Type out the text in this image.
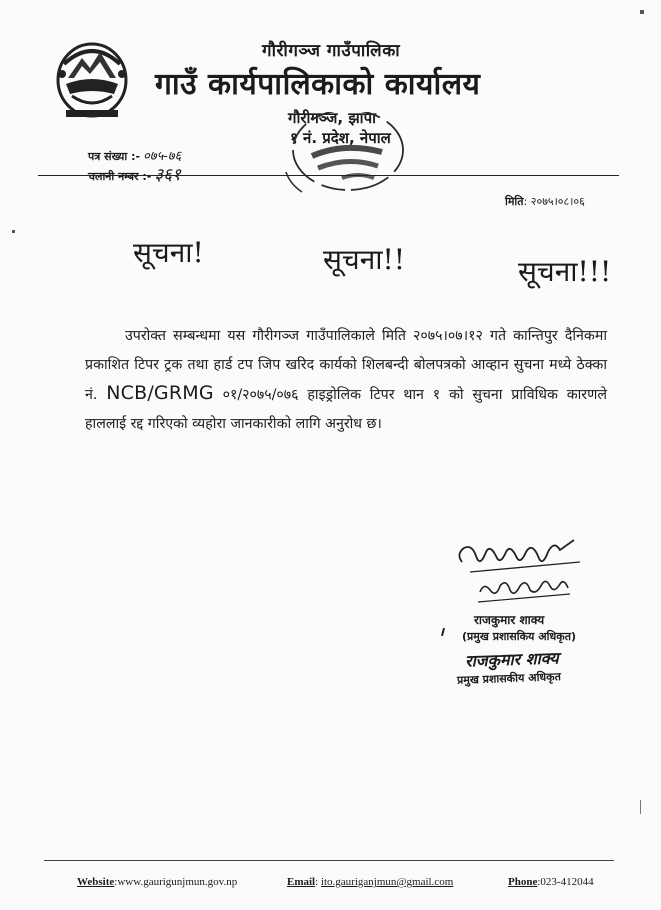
गौरीगञ्ज गाउँपालिका
गाउँ कार्यपालिकाको कार्यालय
गौरीगञ्ज, झापा
१ नं. प्रदेश, नेपाल
पत्र संख्या :- ०७५-७६
चलानी नम्बर :- ३६१
मिति: २०७५।०८।०६
सूचना!	सूचना!!	सूचना!!!
उपरोक्त सम्बन्धमा यस गौरीगञ्ज गाउँपालिकाले मिति २०७५।०७।१२ गते कान्तिपुर दैनिकमा प्रकाशित टिपर ट्रक तथा हार्ड टप जिप खरिद कार्यको शिलबन्दी बोलपत्रको आव्हान सुचना मध्ये ठेक्का नं. NCB/GRMG ०१/२०७५/०७६ हाइड्रोलिक टिपर थान १ को सुचना प्राविधिक कारणले हाललाई रद्द गरिएको व्यहोरा जानकारीको लागि अनुरोध छ।
राजकुमार शाक्य
(प्रमुख प्रशासकिय अधिकृत)
राजकुमार शाक्य
प्रमुख प्रशासकीय अधिकृत
Website:www.gaurigunjmun.gov.np	Email: ito.gauriganjmun@gmail.com	Phone:023-412044
